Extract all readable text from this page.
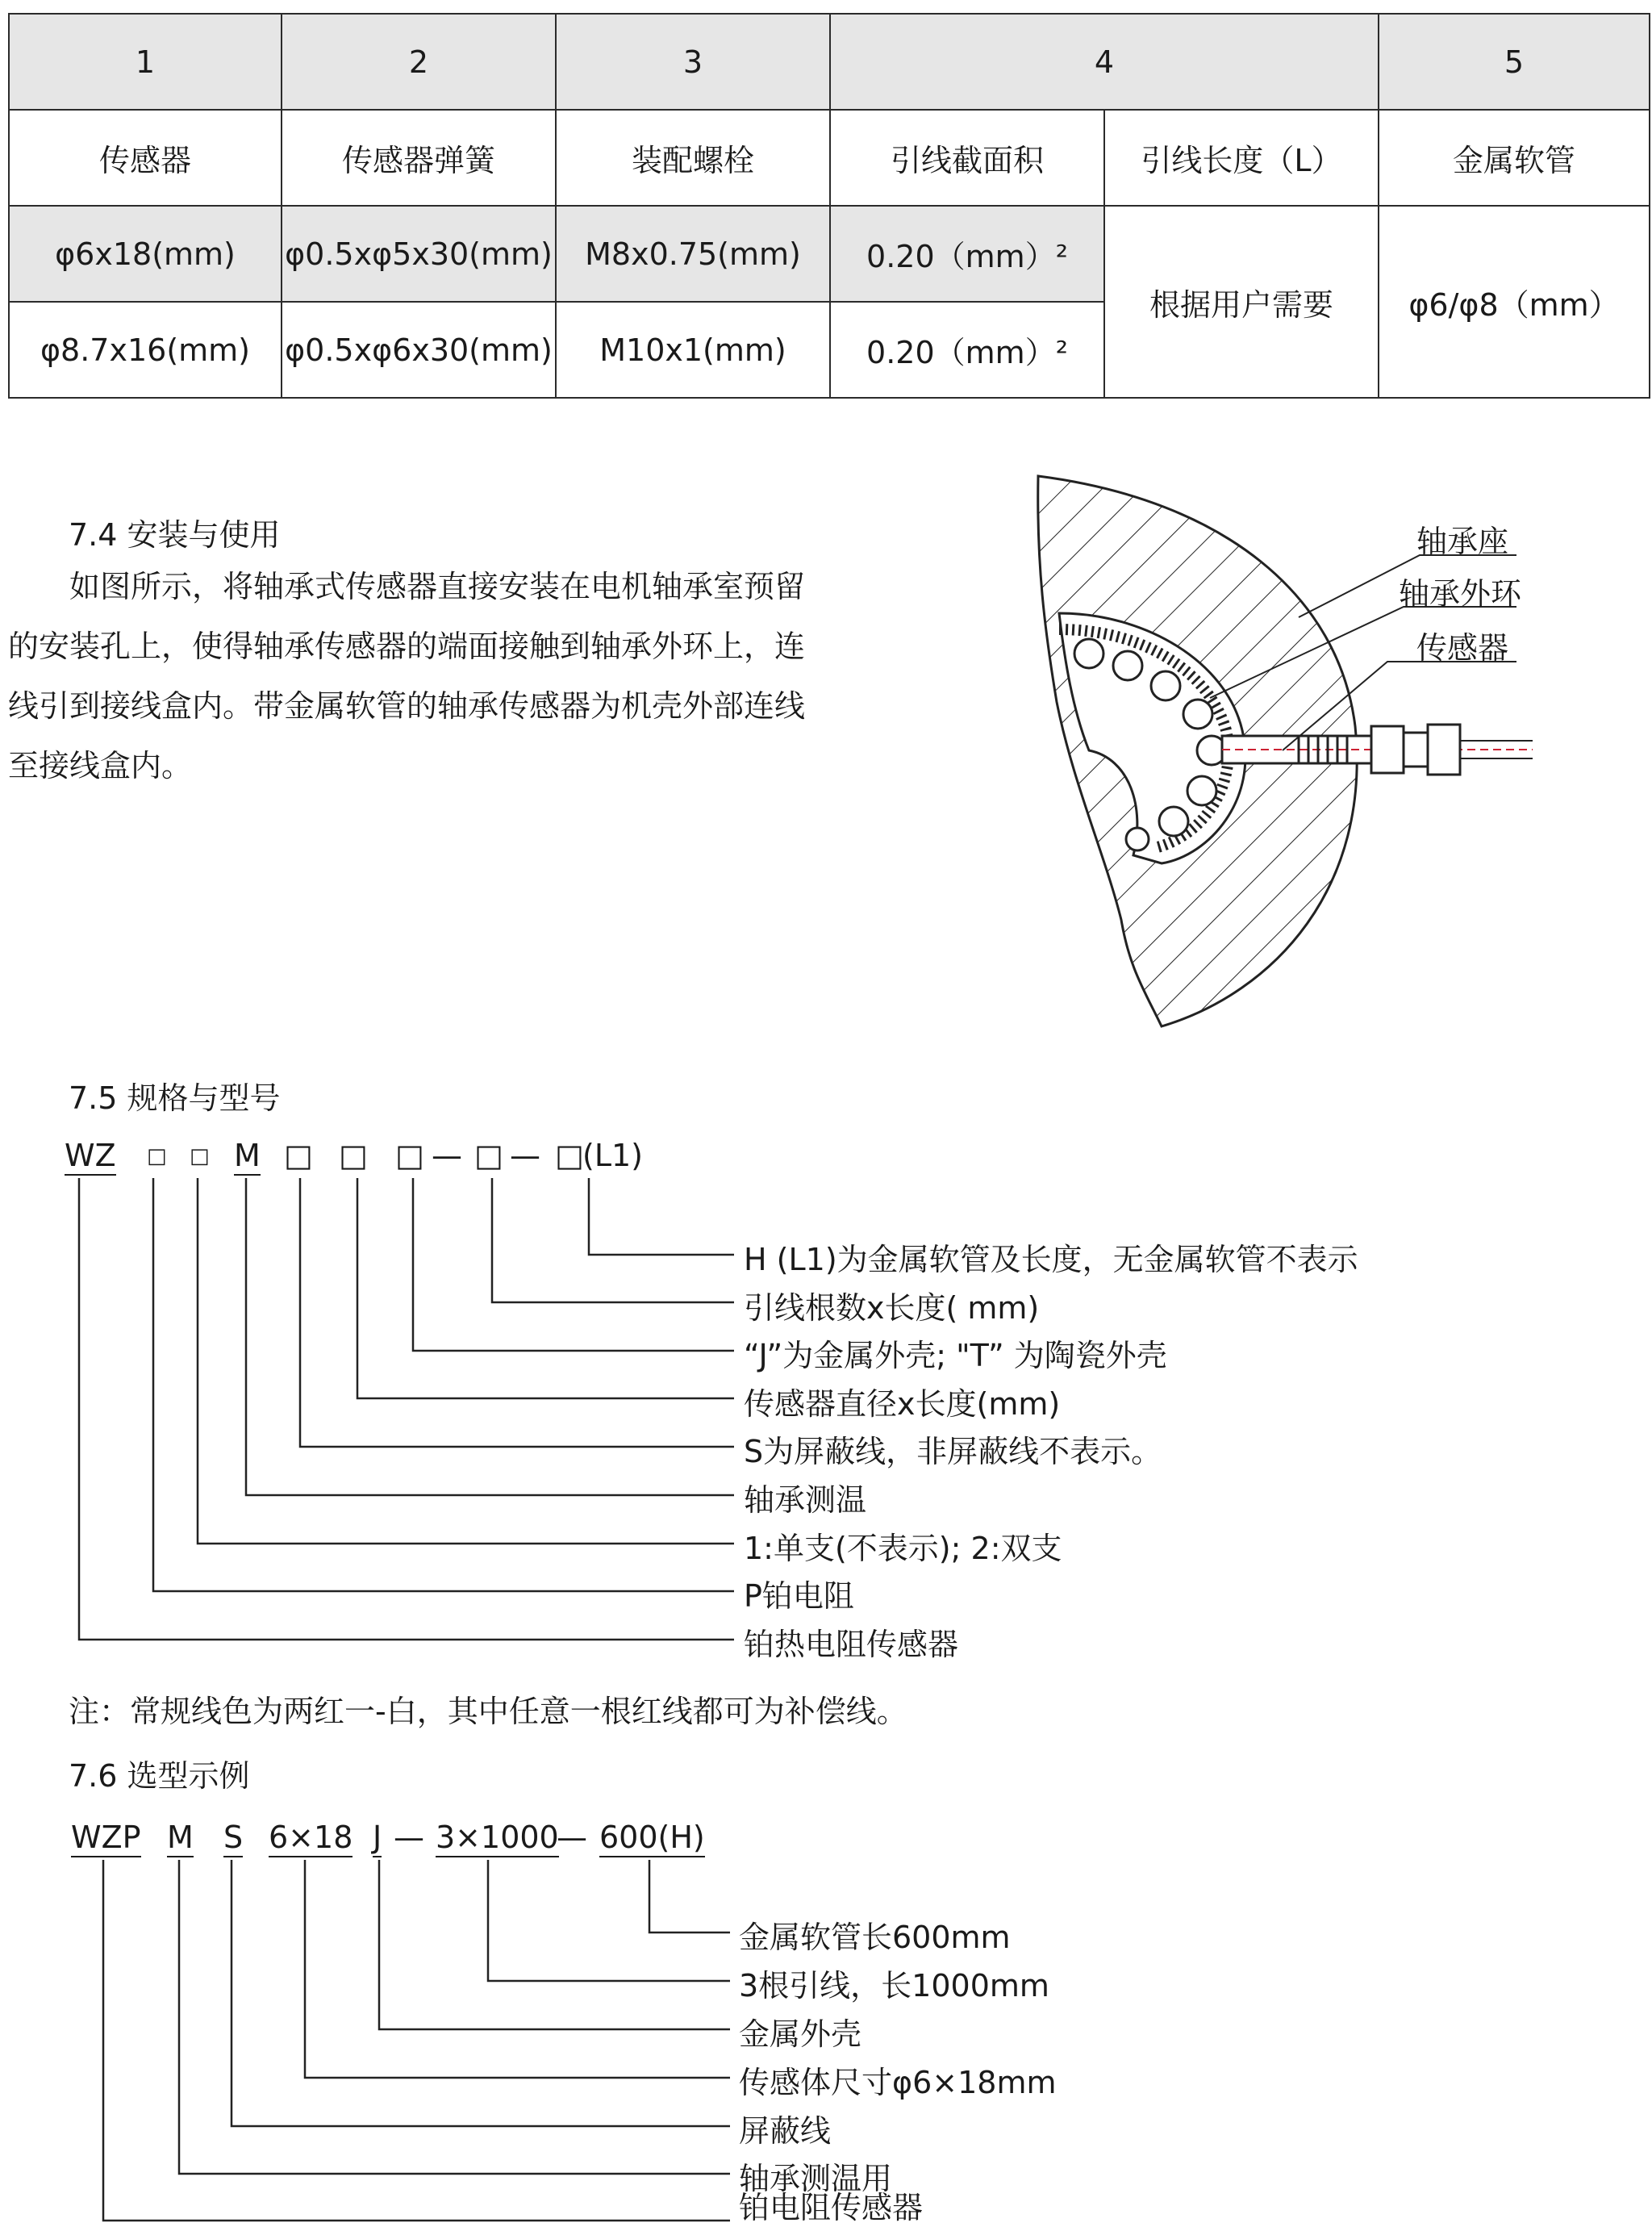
1	2	3	4		5
传感器	传感器弹簧	装配螺栓	引线截面积	引线长度（L）	金属软管
φ6x18(mm)	φ0.5xφ5x30(mm)	M8x0.75(mm)	0.20（mm）²	根据用户需要	φ6/φ8（mm）
φ8.7x16(mm)	φ0.5xφ6x30(mm)	M10x1(mm)	0.20（mm）²		
7.4 安装与使用
如图所示，将轴承式传感器直接安装在电机轴承室预留
的安装孔上，使得轴承传感器的端面接触到轴承外环上，连
线引到接线盒内。带金属软管的轴承传感器为机壳外部连线
至接线盒内。
轴承座
轴承外环
传感器
7.5 规格与型号
WZ □ □ M □ □ □ — □ — □
(L1)
H (L1)为金属软管及长度，无金属软管不表示
引线根数x长度( mm)
“J”为金属外壳; "T” 为陶瓷外壳
传感器直径x长度(mm)
S为屏蔽线，非屏蔽线不表示。
轴承测温
1:单支(不表示); 2:双支
P铂电阻
铂热电阻传感器
注：常规线色为两红一-白，其中任意一根红线都可为补偿线。
7.6 选型示例
WZP M S 6×18 J — 3×1000
— 600(H)
金属软管长600mm
3根引线，长1000mm
金属外壳
传感体尺寸φ6×18mm
屏蔽线
轴承测温用
铂电阻传感器
